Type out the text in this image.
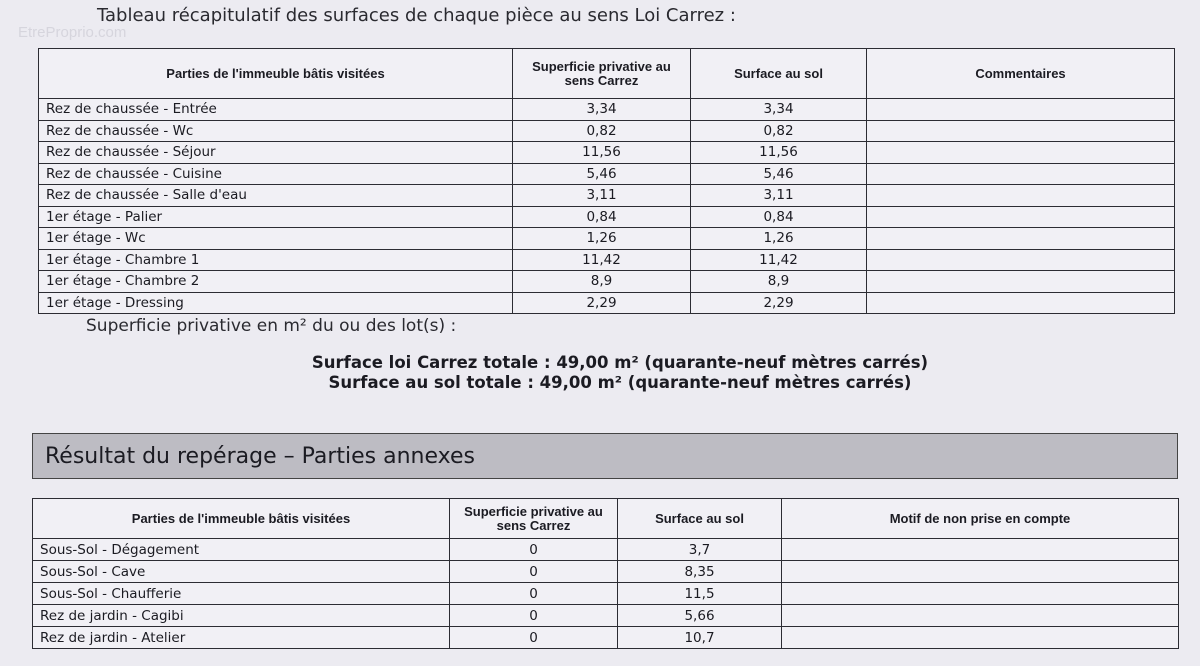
EtreProprio.com
Tableau récapitulatif des surfaces de chaque pièce au sens Loi Carrez :
Parties de l'immeuble bâtis visitées	Superficie privative au sens Carrez	Surface au sol	Commentaires
Rez de chaussée - Entrée	3,34	3,34	
Rez de chaussée - Wc	0,82	0,82	
Rez de chaussée - Séjour	11,56	11,56	
Rez de chaussée - Cuisine	5,46	5,46	
Rez de chaussée - Salle d'eau	3,11	3,11	
1er étage - Palier	0,84	0,84	
1er étage - Wc	1,26	1,26	
1er étage - Chambre 1	11,42	11,42	
1er étage - Chambre 2	8,9	8,9	
1er étage - Dressing	2,29	2,29	
Superficie privative en m² du ou des lot(s) :
Surface loi Carrez totale : 49,00 m² (quarante-neuf mètres carrés)
Surface au sol totale : 49,00 m² (quarante-neuf mètres carrés)
Résultat du repérage – Parties annexes
Parties de l'immeuble bâtis visitées	Superficie privative au sens Carrez	Surface au sol	Motif de non prise en compte
Sous-Sol - Dégagement	0	3,7	
Sous-Sol - Cave	0	8,35	
Sous-Sol - Chaufferie	0	11,5	
Rez de jardin - Cagibi	0	5,66	
Rez de jardin - Atelier	0	10,7	
